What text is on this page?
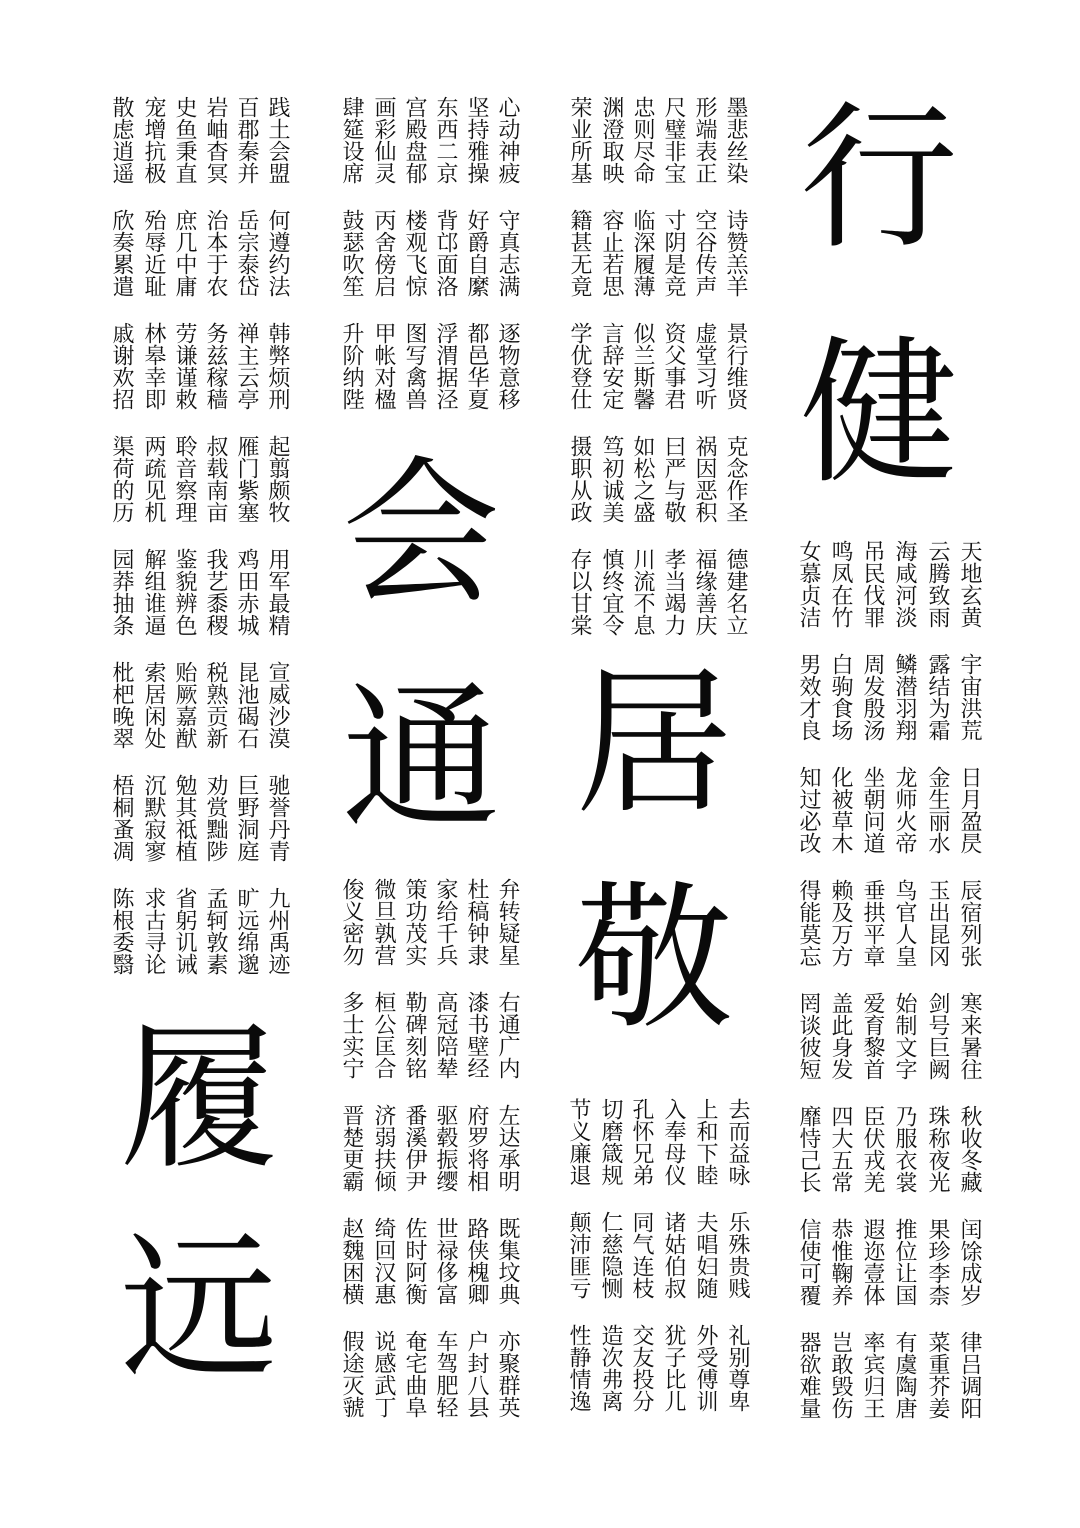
行
健
会
通 居
敬
履
远
墨悲丝染 诗赞羔羊 景行维贤 克念作圣 德建名立
形端表正 空谷传声 虚堂习听 祸因恶积 福缘善庆
尺璧非宝 寸阴是竞 资父事君 曰严与敬 孝当竭力
忠则尽命 临深履薄 似兰斯馨 如松之盛 川流不息
渊澄取映 容止若思 言辞安定 笃初诚美 慎终宜令
荣业所基 籍甚无竟 学优登仕 摄职从政 存以甘棠
心动神疲 守真志满 逐物意移
坚持雅操 好爵自縻 都邑华夏
东西二京 背邙面洛 浮渭据泾
宫殿盘郁 楼观飞惊 图写禽兽
画彩仙灵 丙舍傍启 甲帐对楹
肆筵设席 鼓瑟吹笙 升阶纳陛
践土会盟 何遵约法 韩弊烦刑 起翦颇牧 用军最精 宣威沙漠 驰誉丹青 九州禹迹
百郡秦并 岳宗泰岱 禅主云亭 雁门紫塞 鸡田赤城 昆池碣石 巨野洞庭 旷远绵邈
岩岫杳冥 治本于农 务兹稼穑 叔载南亩 我艺黍稷 税熟贡新 劝赏黜陟 孟轲敦素
史鱼秉直 庶几中庸 劳谦谨敕 聆音察理 鉴貌辨色 贻厥嘉猷 勉其祗植 省躬讥诫
宠增抗极 殆辱近耻 林皋幸即 两疏见机 解组谁逼 索居闲处 沉默寂寥 求古寻论
散虑逍遥 欣奏累遣 戚谢欢招 渠荷的历 园莽抽条 枇杷晚翠 梧桐蚤凋 陈根委翳
天地玄黄 宇宙洪荒 日月盈昃 辰宿列张 寒来暑往 秋收冬藏 闰馀成岁 律吕调阳
云腾致雨 露结为霜 金生丽水 玉出昆冈 剑号巨阙 珠称夜光 果珍李柰 菜重芥姜
海咸河淡 鳞潜羽翔 龙师火帝 鸟官人皇 始制文字 乃服衣裳 推位让国 有虞陶唐
吊民伐罪 周发殷汤 坐朝问道 垂拱平章 爱育黎首 臣伏戎羌 遐迩壹体 率宾归王
鸣凤在竹 白驹食场 化被草木 赖及万方 盖此身发 四大五常 恭惟鞠养 岂敢毁伤
女慕贞洁 男效才良 知过必改 得能莫忘 罔谈彼短 靡恃己长 信使可覆 器欲难量
弁转疑星 右通广内 左达承明 既集坟典 亦聚群英
杜稿钟隶 漆书壁经 府罗将相 路侠槐卿 户封八县
家给千兵 高冠陪辇 驱毂振缨 世禄侈富 车驾肥轻
策功茂实 勒碑刻铭 番溪伊尹 佐时阿衡 奄宅曲阜
微旦孰营 桓公匡合 济弱扶倾 绮回汉惠 说感武丁
俊义密勿 多士实宁 晋楚更霸 赵魏困横 假途灭虢	去而益咏 乐殊贵贱 礼别尊卑
上和下睦 夫唱妇随 外受傅训
入奉母仪 诸姑伯叔 犹子比儿
孔怀兄弟 同气连枝 交友投分
切磨箴规 仁慈隐恻 造次弗离
节义廉退 颠沛匪亏 性静情逸
